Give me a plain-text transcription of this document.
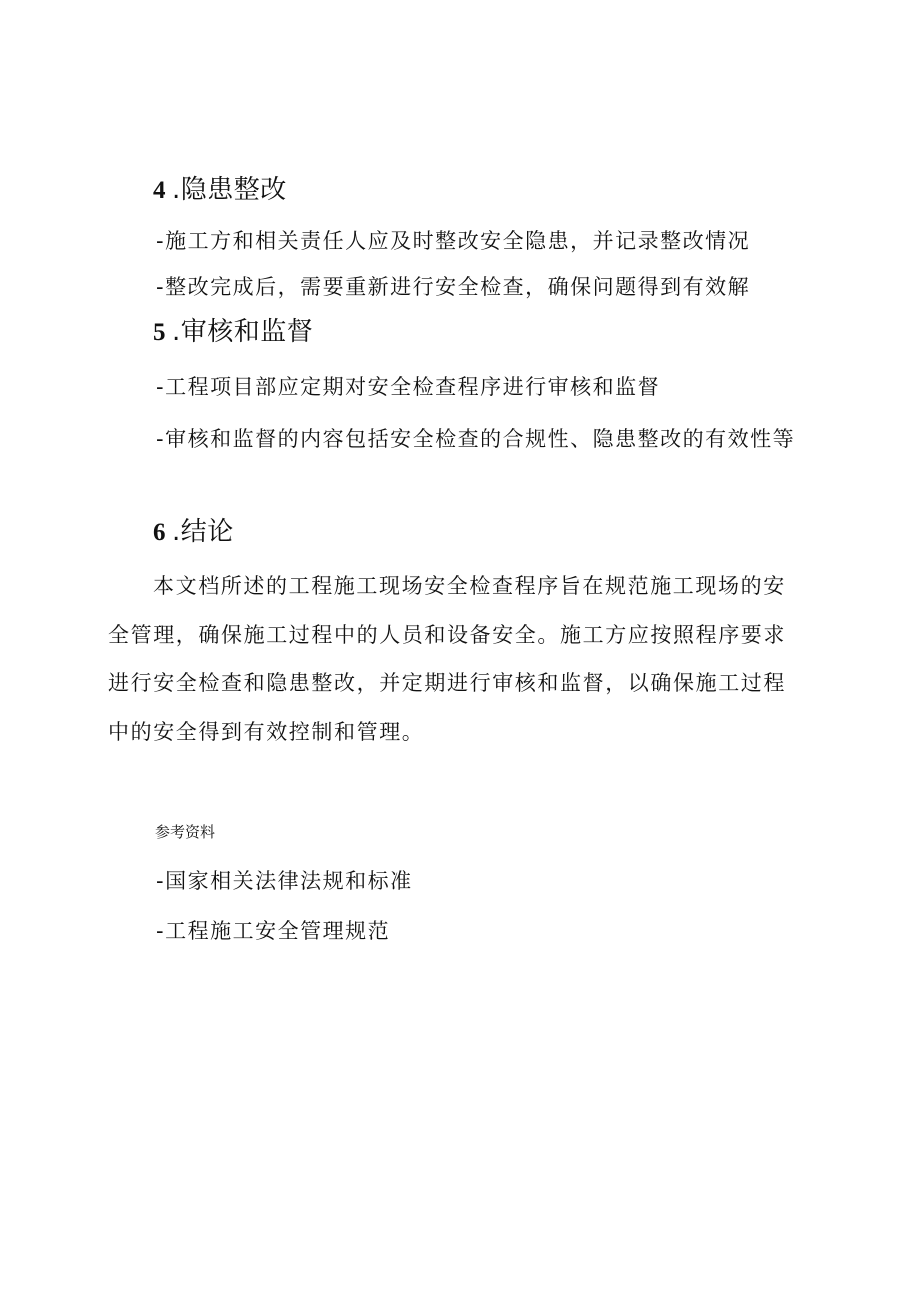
4 .隐患整改
-施工方和相关责任人应及时整改安全隐患，并记录整改情况
-整改完成后，需要重新进行安全检查，确保问题得到有效解
5 .审核和监督
-工程项目部应定期对安全检查程序进行审核和监督
-审核和监督的内容包括安全检查的合规性、隐患整改的有效性等
6 .结论
本文档所述的工程施工现场安全检查程序旨在规范施工现场的安全管理，确保施工过程中的人员和设备安全。施工方应按照程序要求进行安全检查和隐患整改，并定期进行审核和监督，以确保施工过程中的安全得到有效控制和管理。
参考资料
-国家相关法律法规和标准
-工程施工安全管理规范
